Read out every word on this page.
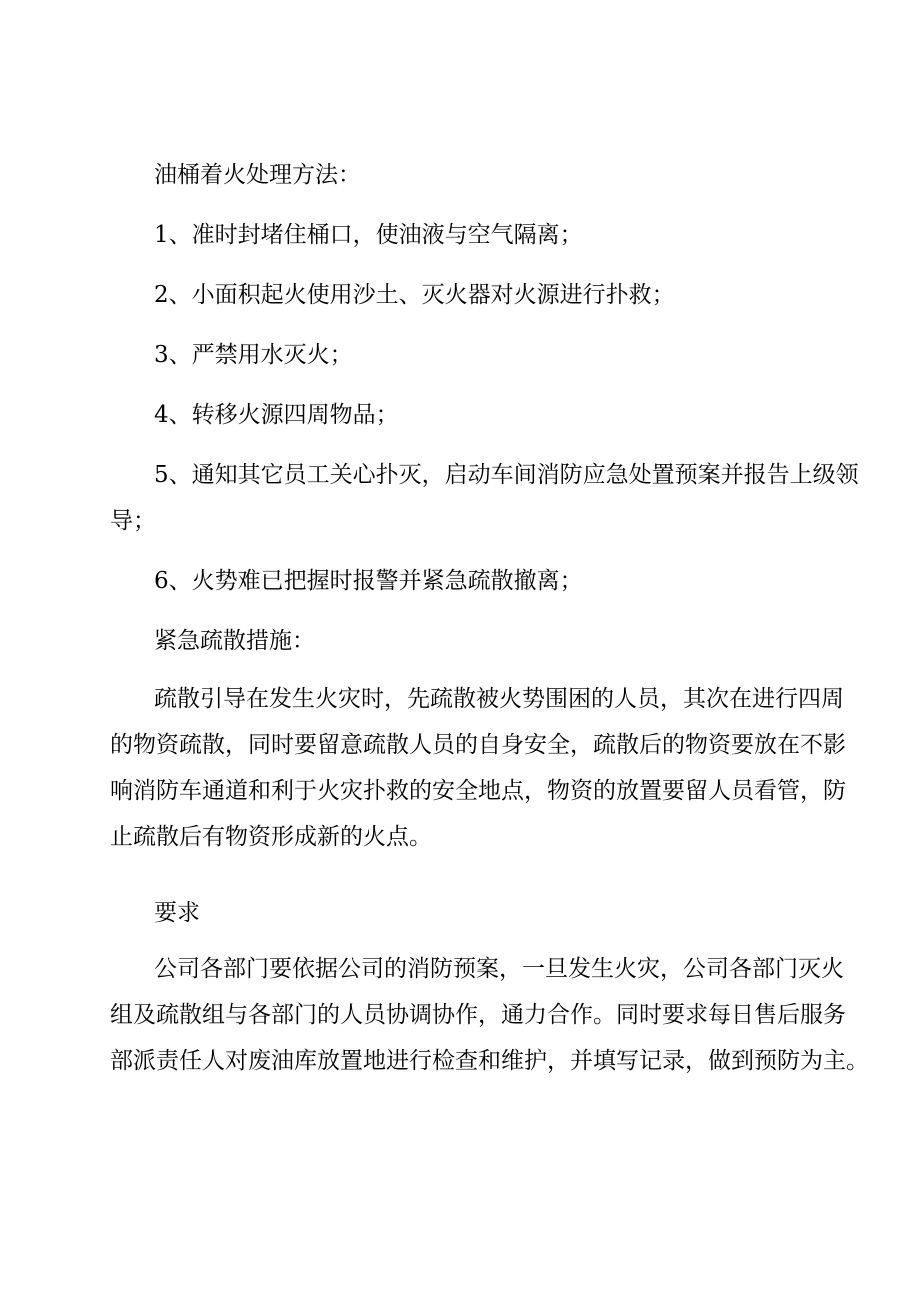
油桶着火处理方法：
1、准时封堵住桶口，使油液与空气隔离；
2、小面积起火使用沙土、灭火器对火源进行扑救；
3、严禁用水灭火；
4、转移火源四周物品；
5、通知其它员工关心扑灭，启动车间消防应急处置预案并报告上级领
导；
6、火势难已把握时报警并紧急疏散撤离；
紧急疏散措施：
疏散引导在发生火灾时，先疏散被火势围困的人员，其次在进行四周
的物资疏散，同时要留意疏散人员的自身安全，疏散后的物资要放在不影
响消防车通道和利于火灾扑救的安全地点，物资的放置要留人员看管，防
止疏散后有物资形成新的火点。
要求
公司各部门要依据公司的消防预案，一旦发生火灾，公司各部门灭火
组及疏散组与各部门的人员协调协作，通力合作。同时要求每日售后服务
部派责任人对废油库放置地进行检查和维护，并填写记录，做到预防为主。
